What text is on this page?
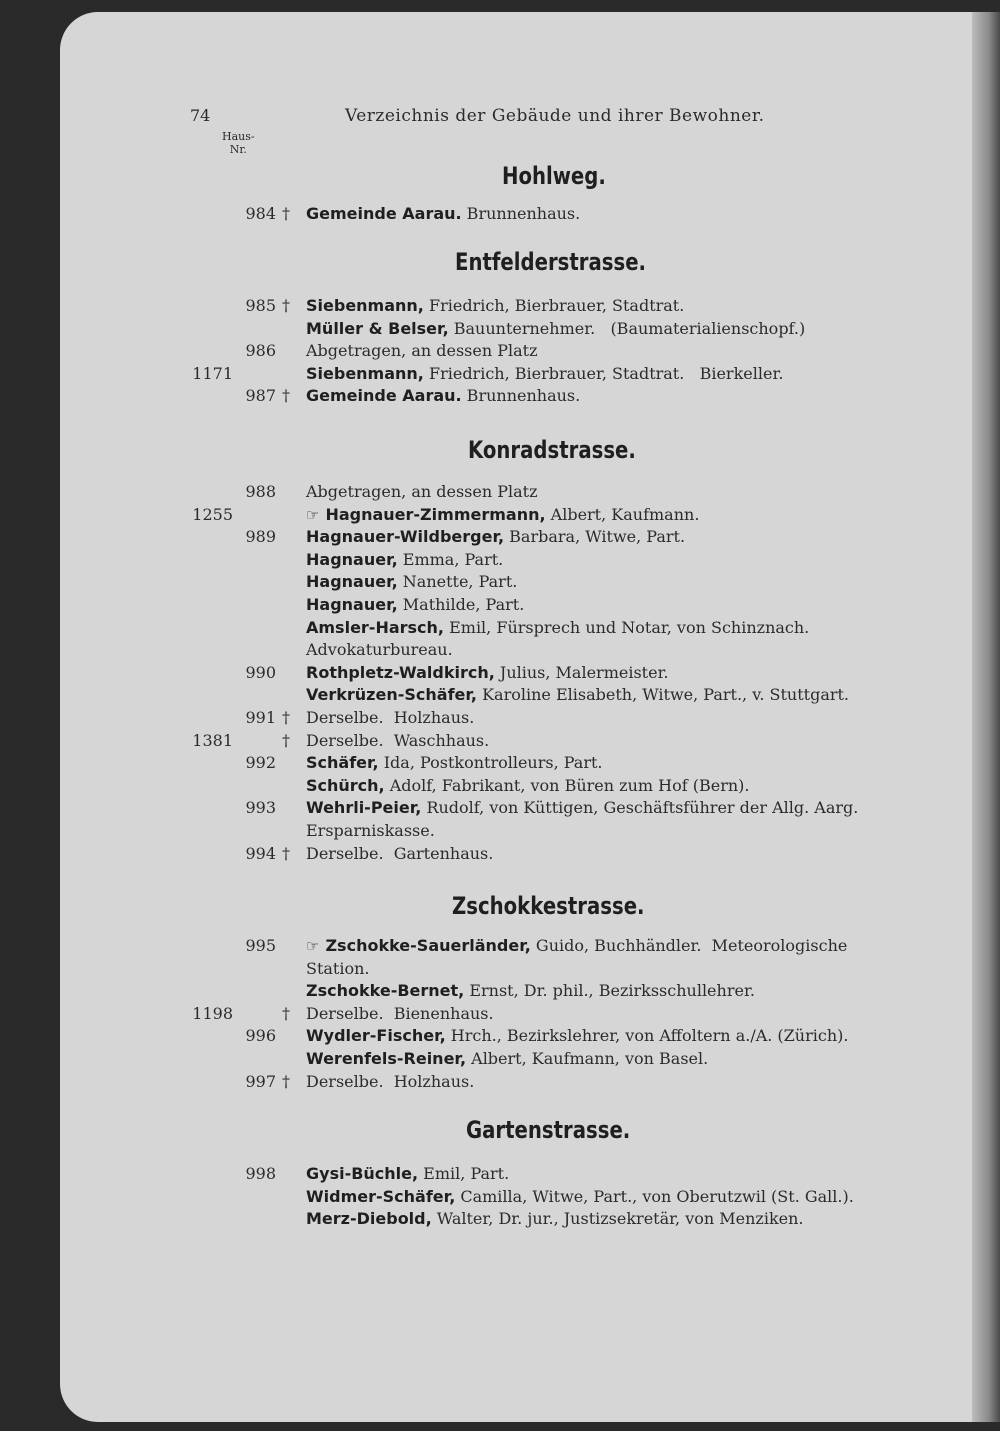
74	Verzeichnis der Gebäude und ihrer Bewohner.
Haus-
Nr.
Hohlweg.
984 † Gemeinde Aarau. Brunnenhaus.
Entfelderstrasse.
985 † Siebenmann, Friedrich, Bierbrauer, Stadtrat.
Müller & Belser, Bauunternehmer.   (Baumaterialienschopf.)
986 Abgetragen, an dessen Platz
1171	Siebenmann, Friedrich, Bierbrauer, Stadtrat.   Bierkeller.
987 † Gemeinde Aarau. Brunnenhaus.
Konradstrasse.
988 Abgetragen, an dessen Platz
1255	☞ Hagnauer-Zimmermann, Albert, Kaufmann.
989 Hagnauer-Wildberger, Barbara, Witwe, Part.
Hagnauer, Emma, Part.
Hagnauer, Nanette, Part.
Hagnauer, Mathilde, Part.
Amsler-Harsch, Emil, Fürsprech und Notar, von Schinznach.
Advokaturbureau.
990 Rothpletz-Waldkirch, Julius, Malermeister.
Verkrüzen-Schäfer, Karoline Elisabeth, Witwe, Part., v. Stuttgart.
991 † Derselbe.  Holzhaus.
1381	† Derselbe.  Waschhaus.
992 Schäfer, Ida, Postkontrolleurs, Part.
Schürch, Adolf, Fabrikant, von Büren zum Hof (Bern).
993 Wehrli-Peier, Rudolf, von Küttigen, Geschäftsführer der Allg. Aarg.
Ersparniskasse.
994 † Derselbe.  Gartenhaus.
Zschokkestrasse.
995 ☞ Zschokke-Sauerländer, Guido, Buchhändler.  Meteorologische
Station.
Zschokke-Bernet, Ernst, Dr. phil., Bezirksschullehrer.
1198	† Derselbe.  Bienenhaus.
996 Wydler-Fischer, Hrch., Bezirkslehrer, von Affoltern a./A. (Zürich).
Werenfels-Reiner, Albert, Kaufmann, von Basel.
997 † Derselbe.  Holzhaus.
Gartenstrasse.
998 Gysi-Büchle, Emil, Part.
Widmer-Schäfer, Camilla, Witwe, Part., von Oberutzwil (St. Gall.).
Merz-Diebold, Walter, Dr. jur., Justizsekretär, von Menziken.
